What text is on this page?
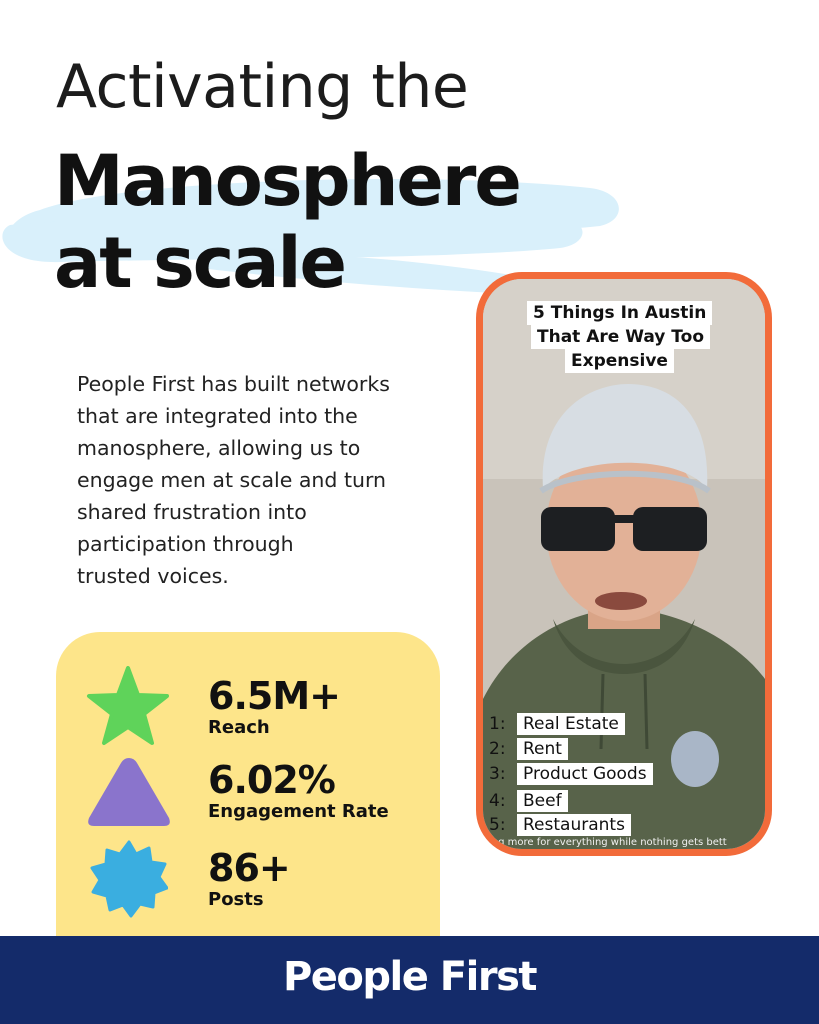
Activating the
Manosphere
at scale
People First has built networks
that are integrated into the
manosphere, allowing us to
engage men at scale and turn
shared frustration into
participation through
trusted voices.
6.5M+
Reach
6.02%
Engagement Rate
86+
Posts
5 Things In Austin
That Are Way Too
Expensive
1: Real Estate
2: Rent
3: Product Goods
4: Beef
5: Restaurants
ing more for everything while nothing gets bett
People First
